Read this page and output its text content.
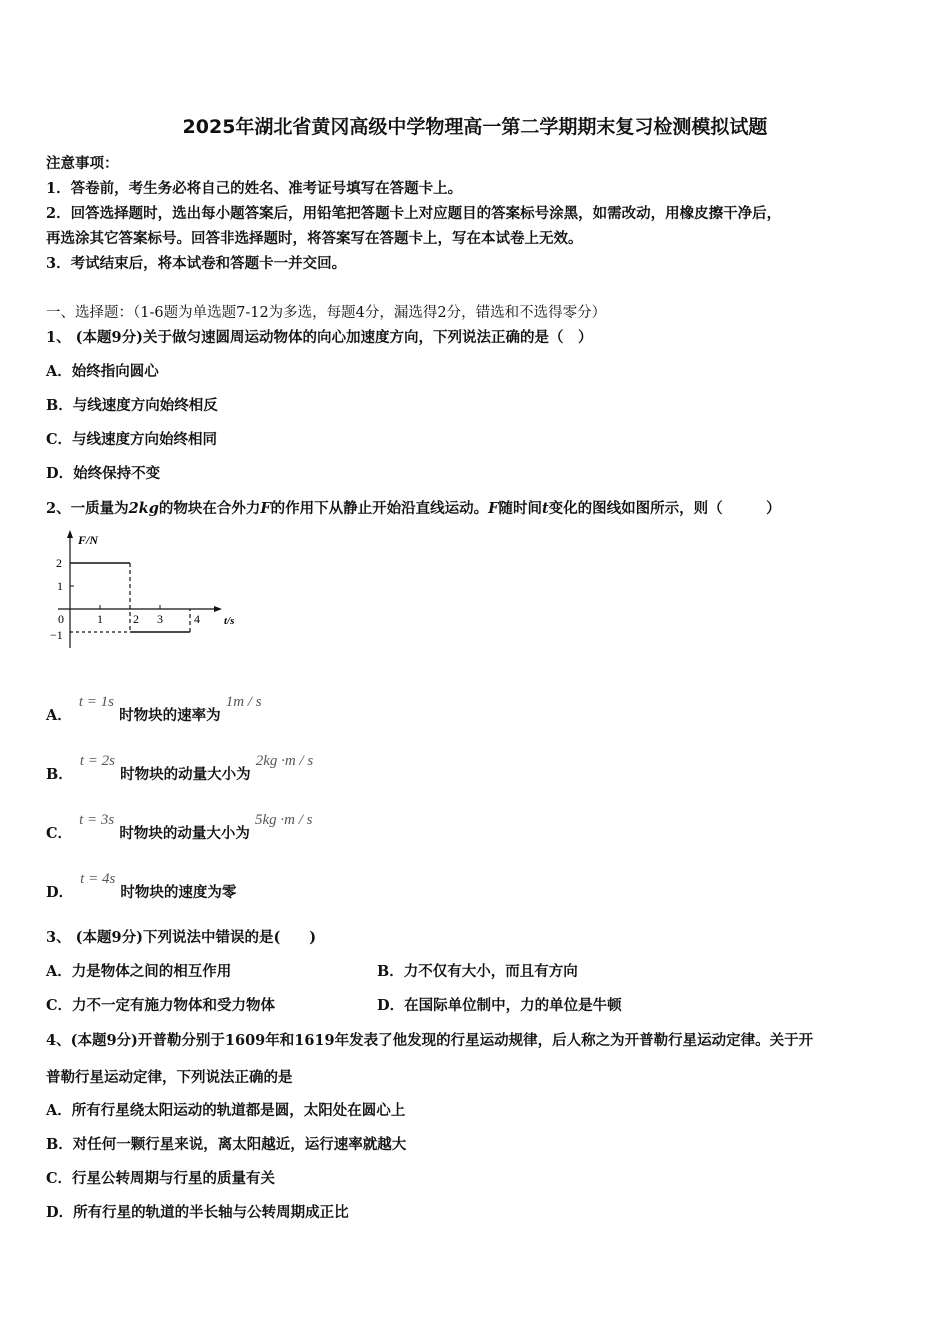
2025年湖北省黄冈高级中学物理高一第二学期期末复习检测模拟试题
注意事项：
1．答卷前，考生务必将自己的姓名、准考证号填写在答题卡上。
2．回答选择题时，选出每小题答案后，用铅笔把答题卡上对应题目的答案标号涂黑，如需改动，用橡皮擦干净后，
再选涂其它答案标号。回答非选择题时，将答案写在答题卡上，写在本试卷上无效。
3．考试结束后，将本试卷和答题卡一并交回。
一、选择题：（1-6题为单选题7-12为多选，每题4分，漏选得2分，错选和不选得零分）
1、 (本题9分)关于做匀速圆周运动物体的向心加速度方向，下列说法正确的是（　）
A．始终指向圆心
B．与线速度方向始终相反
C．与线速度方向始终相同
D．始终保持不变
2、一质量为2kg的物块在合外力F的作用下从静止开始沿直线运动。F随时间t变化的图线如图所示，则（　　　）
F/N
t/s
2
1
0
−1
1	2 3	4
A． t = 1s 时物块的速率为 1m / s
B． t = 2s 时物块的动量大小为 2kg ·m / s
C． t = 3s 时物块的动量大小为 5kg ·m / s
D． t = 4s 时物块的速度为零
3、 (本题9分)下列说法中错误的是(　　)
A．力是物体之间的相互作用	B．力不仅有大小，而且有方向
C．力不一定有施力物体和受力物体	D．在国际单位制中，力的单位是牛顿
4、(本题9分)开普勒分别于1609年和1619年发表了他发现的行星运动规律，后人称之为开普勒行星运动定律。关于开
普勒行星运动定律，下列说法正确的是
A．所有行星绕太阳运动的轨道都是圆，太阳处在圆心上
B．对任何一颗行星来说，离太阳越近，运行速率就越大
C．行星公转周期与行星的质量有关
D．所有行星的轨道的半长轴与公转周期成正比
